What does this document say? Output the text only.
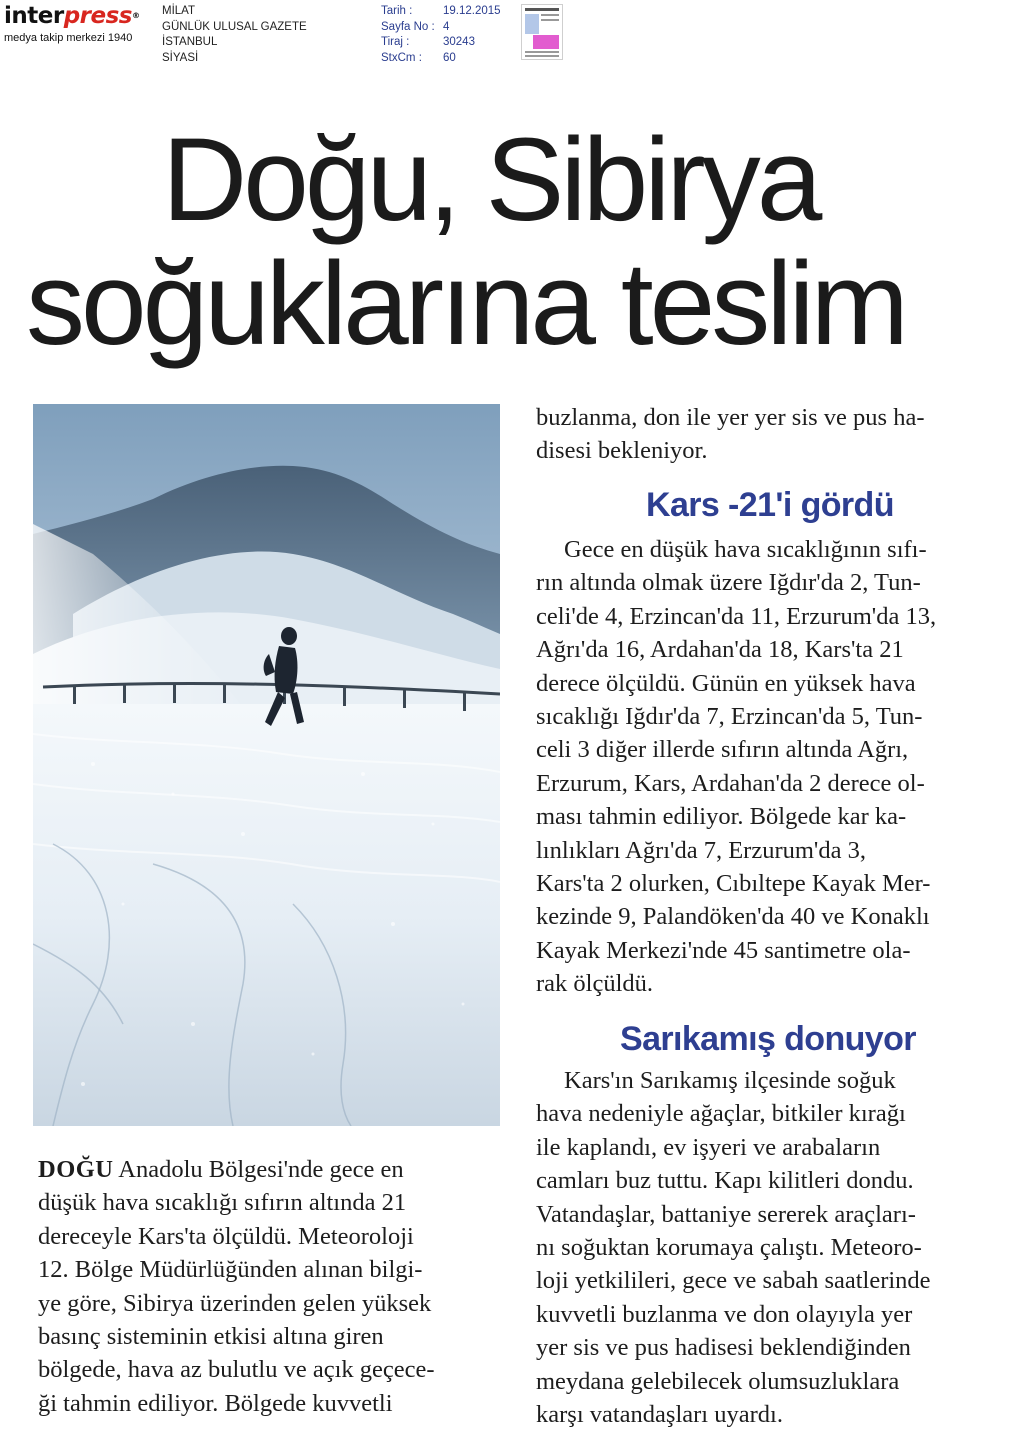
interpress®
medya takip merkezi 1940
MİLAT
GÜNLÜK ULUSAL GAZETE
İSTANBUL
SİYASİ
Tarih :	19.12.2015
Sayfa No : 4
Tiraj :	30243
StxCm :	60
Doğu, Sibirya
soğuklarına teslim

DOĞU Anadolu Bölgesi'nde gece en
düşük hava sıcaklığı sıfırın altında 21
dereceyle Kars'ta ölçüldü. Meteoroloji
12. Bölge Müdürlüğünden alınan bilgi-
ye göre, Sibirya üzerinden gelen yüksek
basınç sisteminin etkisi altına giren
bölgede, hava az bulutlu ve açık geçece-
ği tahmin ediliyor. Bölgede kuvvetli

buzlanma, don ile yer yer sis ve pus ha-
disesi bekleniyor.

Kars -21'i gördü

Gece en düşük hava sıcaklığının sıfı-
rın altında olmak üzere Iğdır'da 2, Tun-
celi'de 4, Erzincan'da 11, Erzurum'da 13,
Ağrı'da 16, Ardahan'da 18, Kars'ta 21
derece ölçüldü. Günün en yüksek hava
sıcaklığı Iğdır'da 7, Erzincan'da 5, Tun-
celi 3 diğer illerde sıfırın altında Ağrı,
Erzurum, Kars, Ardahan'da 2 derece ol-
ması tahmin ediliyor. Bölgede kar ka-
lınlıkları Ağrı'da 7, Erzurum'da 3,
Kars'ta 2 olurken, Cıbıltepe Kayak Mer-
kezinde 9, Palandöken'da 40 ve Konaklı
Kayak Merkezi'nde 45 santimetre ola-
rak ölçüldü.

Sarıkamış donuyor

Kars'ın Sarıkamış ilçesinde soğuk
hava nedeniyle ağaçlar, bitkiler kırağı
ile kaplandı, ev işyeri ve arabaların
camları buz tuttu. Kapı kilitleri dondu.
Vatandaşlar, battaniye sererek araçları-
nı soğuktan korumaya çalıştı. Meteoro-
loji yetkilileri, gece ve sabah saatlerinde
kuvvetli buzlanma ve don olayıyla yer
yer sis ve pus hadisesi beklendiğinden
meydana gelebilecek olumsuzluklara
karşı vatandaşları uyardı.
